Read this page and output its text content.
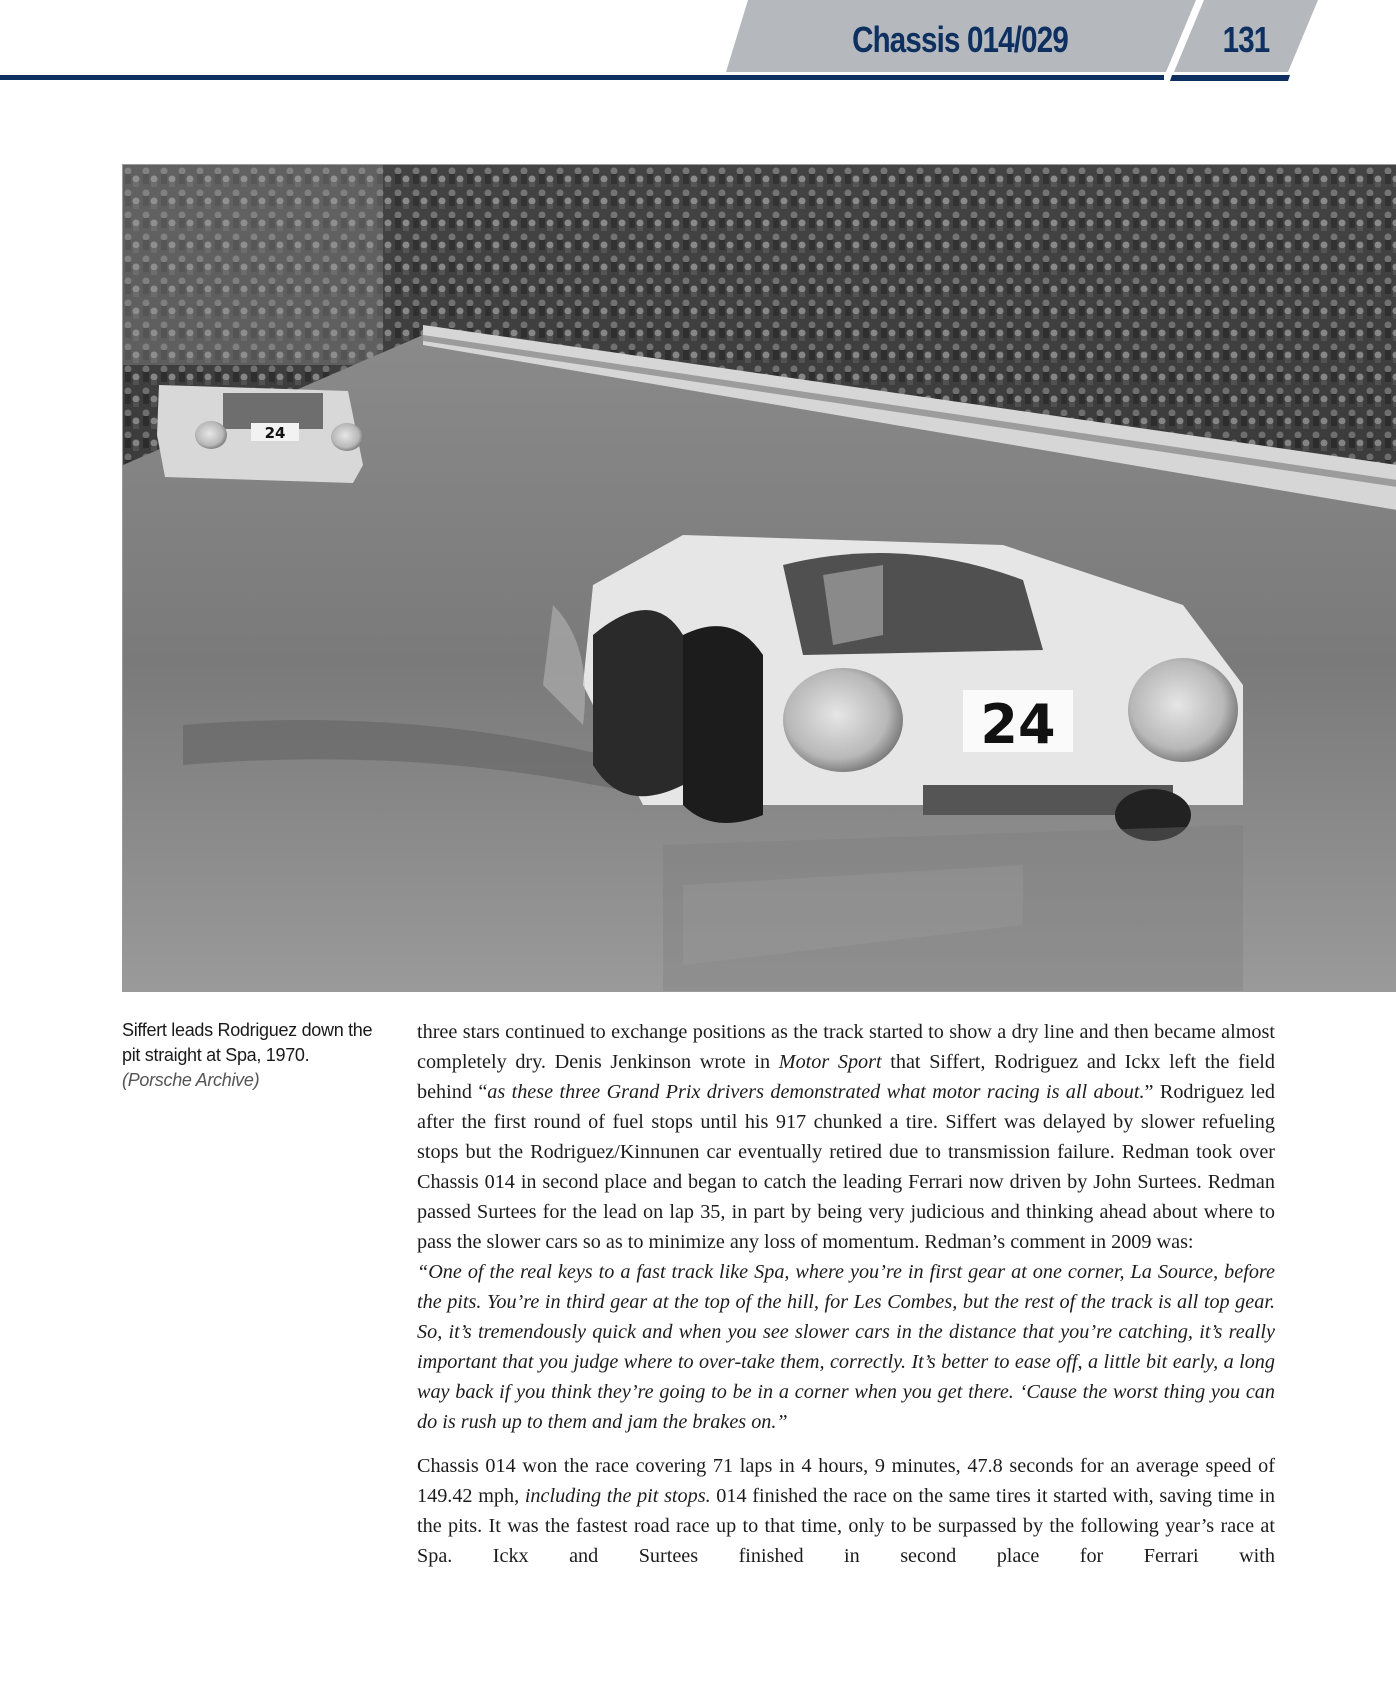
Chassis 014/029	131
24
24
Siffert leads Rodriguez down the pit straight at Spa, 1970.
(Porsche Archive)

three stars continued to exchange positions as the track started to show a dry line and then became almost completely dry. Denis Jenkinson wrote in Motor Sport that Siffert, Rodriguez and Ickx left the field behind “as these three Grand Prix drivers demonstrated what motor racing is all about.” Rodriguez led after the first round of fuel stops until his 917 chunked a tire. Siffert was delayed by slower refueling stops but the Rodriguez/Kinnunen car eventually retired due to transmission failure. Redman took over Chassis 014 in second place and began to catch the leading Ferrari now driven by John Surtees. Redman passed Surtees for the lead on lap 35, in part by being very judicious and thinking ahead about where to pass the slower cars so as to minimize any loss of momentum. Redman’s comment in 2009 was:

“One of the real keys to a fast track like Spa, where you’re in first gear at one corner, La Source, before the pits. You’re in third gear at the top of the hill, for Les Combes, but the rest of the track is all top gear. So, it’s tremendously quick and when you see slower cars in the distance that you’re catching, it’s really important that you judge where to over-take them, correctly. It’s better to ease off, a little bit early, a long way back if you think they’re going to be in a corner when you get there. ‘Cause the worst thing you can do is rush up to them and jam the brakes on.”

Chassis 014 won the race covering 71 laps in 4 hours, 9 minutes, 47.8 seconds for an average speed of 149.42 mph, including the pit stops. 014 finished the race on the same tires it started with, saving time in the pits. It was the fastest road race up to that time, only to be surpassed by the following year’s race at Spa. Ickx and Surtees finished in second place for Ferrari with
